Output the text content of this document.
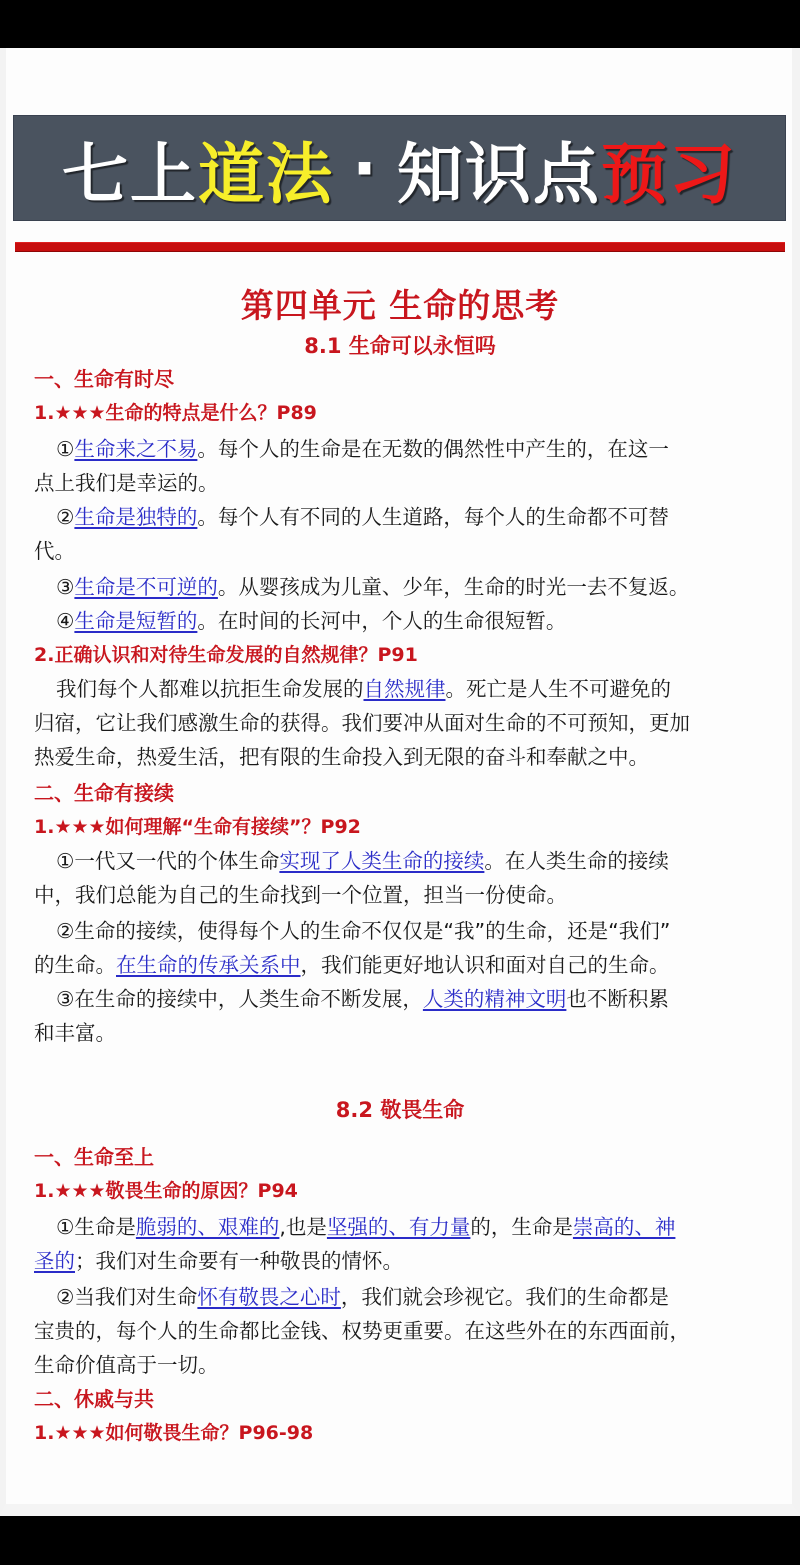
七上 道法 · 知识点 预习
第四单元 生命的思考
8.1 生命可以永恒吗
一、生命有时尽
1.★★★生命的特点是什么？P89
①生命来之不易。每个人的生命是在无数的偶然性中产生的，在这一
点上我们是幸运的。
②生命是独特的。每个人有不同的人生道路，每个人的生命都不可替
代。
③生命是不可逆的。从婴孩成为儿童、少年，生命的时光一去不复返。
④生命是短暂的。在时间的长河中，个人的生命很短暂。
2.正确认识和对待生命发展的自然规律？P91
我们每个人都难以抗拒生命发展的自然规律。死亡是人生不可避免的
归宿，它让我们感激生命的获得。我们要冲从面对生命的不可预知，更加
热爱生命，热爱生活，把有限的生命投入到无限的奋斗和奉献之中。
二、生命有接续
1.★★★如何理解“生命有接续”？P92
①一代又一代的个体生命实现了人类生命的接续。在人类生命的接续
中，我们总能为自己的生命找到一个位置，担当一份使命。
②生命的接续，使得每个人的生命不仅仅是“我”的生命，还是“我们”
的生命。在生命的传承关系中，我们能更好地认识和面对自己的生命。
③在生命的接续中，人类生命不断发展，人类的精神文明也不断积累
和丰富。
8.2 敬畏生命
一、生命至上
1.★★★敬畏生命的原因？P94
①生命是脆弱的、艰难的,也是坚强的、有力量的，生命是崇高的、神
圣的；我们对生命要有一种敬畏的情怀。
②当我们对生命怀有敬畏之心时，我们就会珍视它。我们的生命都是
宝贵的，每个人的生命都比金钱、权势更重要。在这些外在的东西面前，
生命价值高于一切。
二、休戚与共
1.★★★如何敬畏生命？P96-98
